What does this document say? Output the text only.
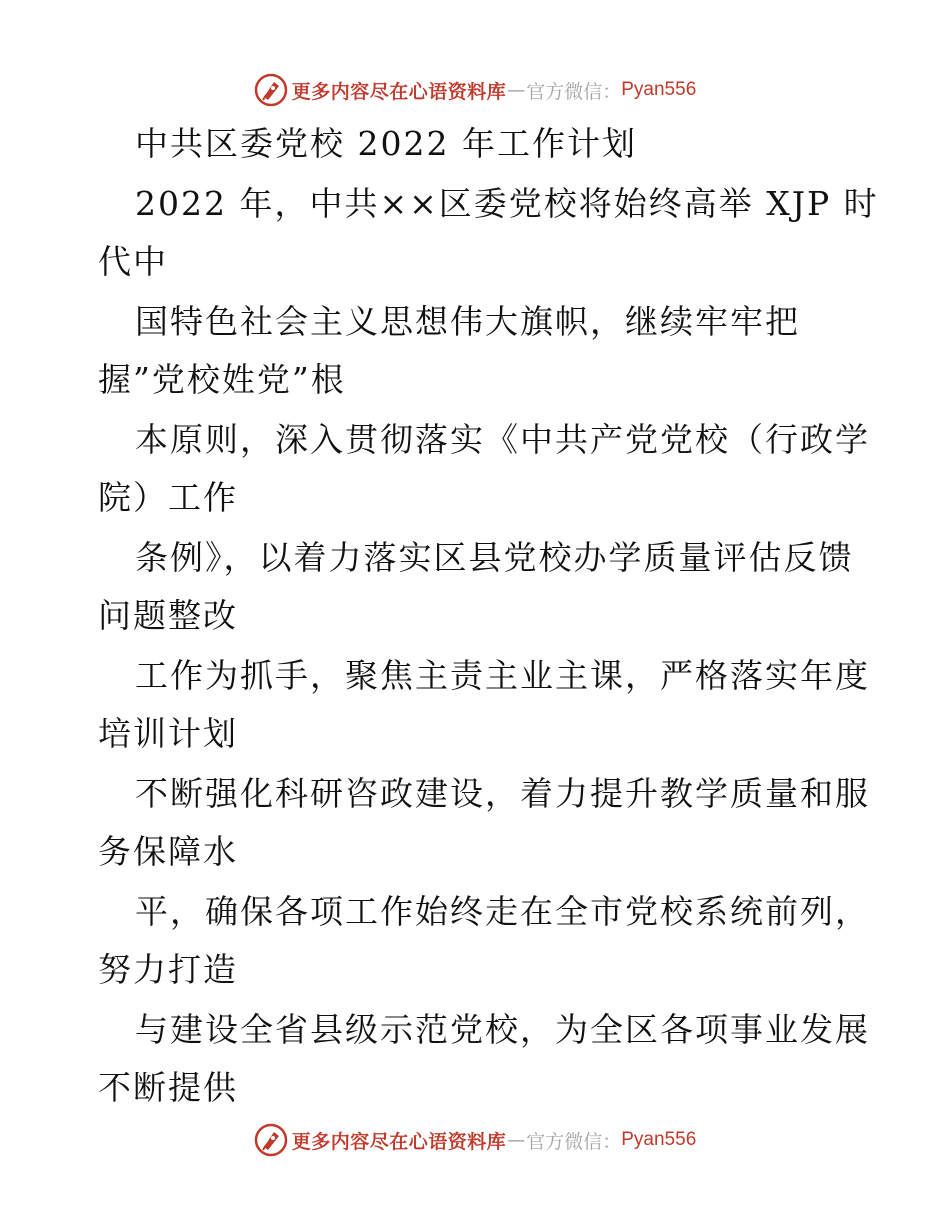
更多内容尽在心语资料库 — 官方微信： Pyan556
中共区委党校 2022 年工作计划
2022 年，中共××区委党校将始终高举 XJP 时
代中
国特色社会主义思想伟大旗帜，继续牢牢把
握”党校姓党”根
本原则，深入贯彻落实《中共产党党校（行政学
院）工作
条例》，以着力落实区县党校办学质量评估反馈
问题整改
工作为抓手，聚焦主责主业主课，严格落实年度
培训计划
不断强化科研咨政建设，着力提升教学质量和服
务保障水
平，确保各项工作始终走在全市党校系统前列，
努力打造
与建设全省县级示范党校，为全区各项事业发展
不断提供
更多内容尽在心语资料库 — 官方微信： Pyan556
